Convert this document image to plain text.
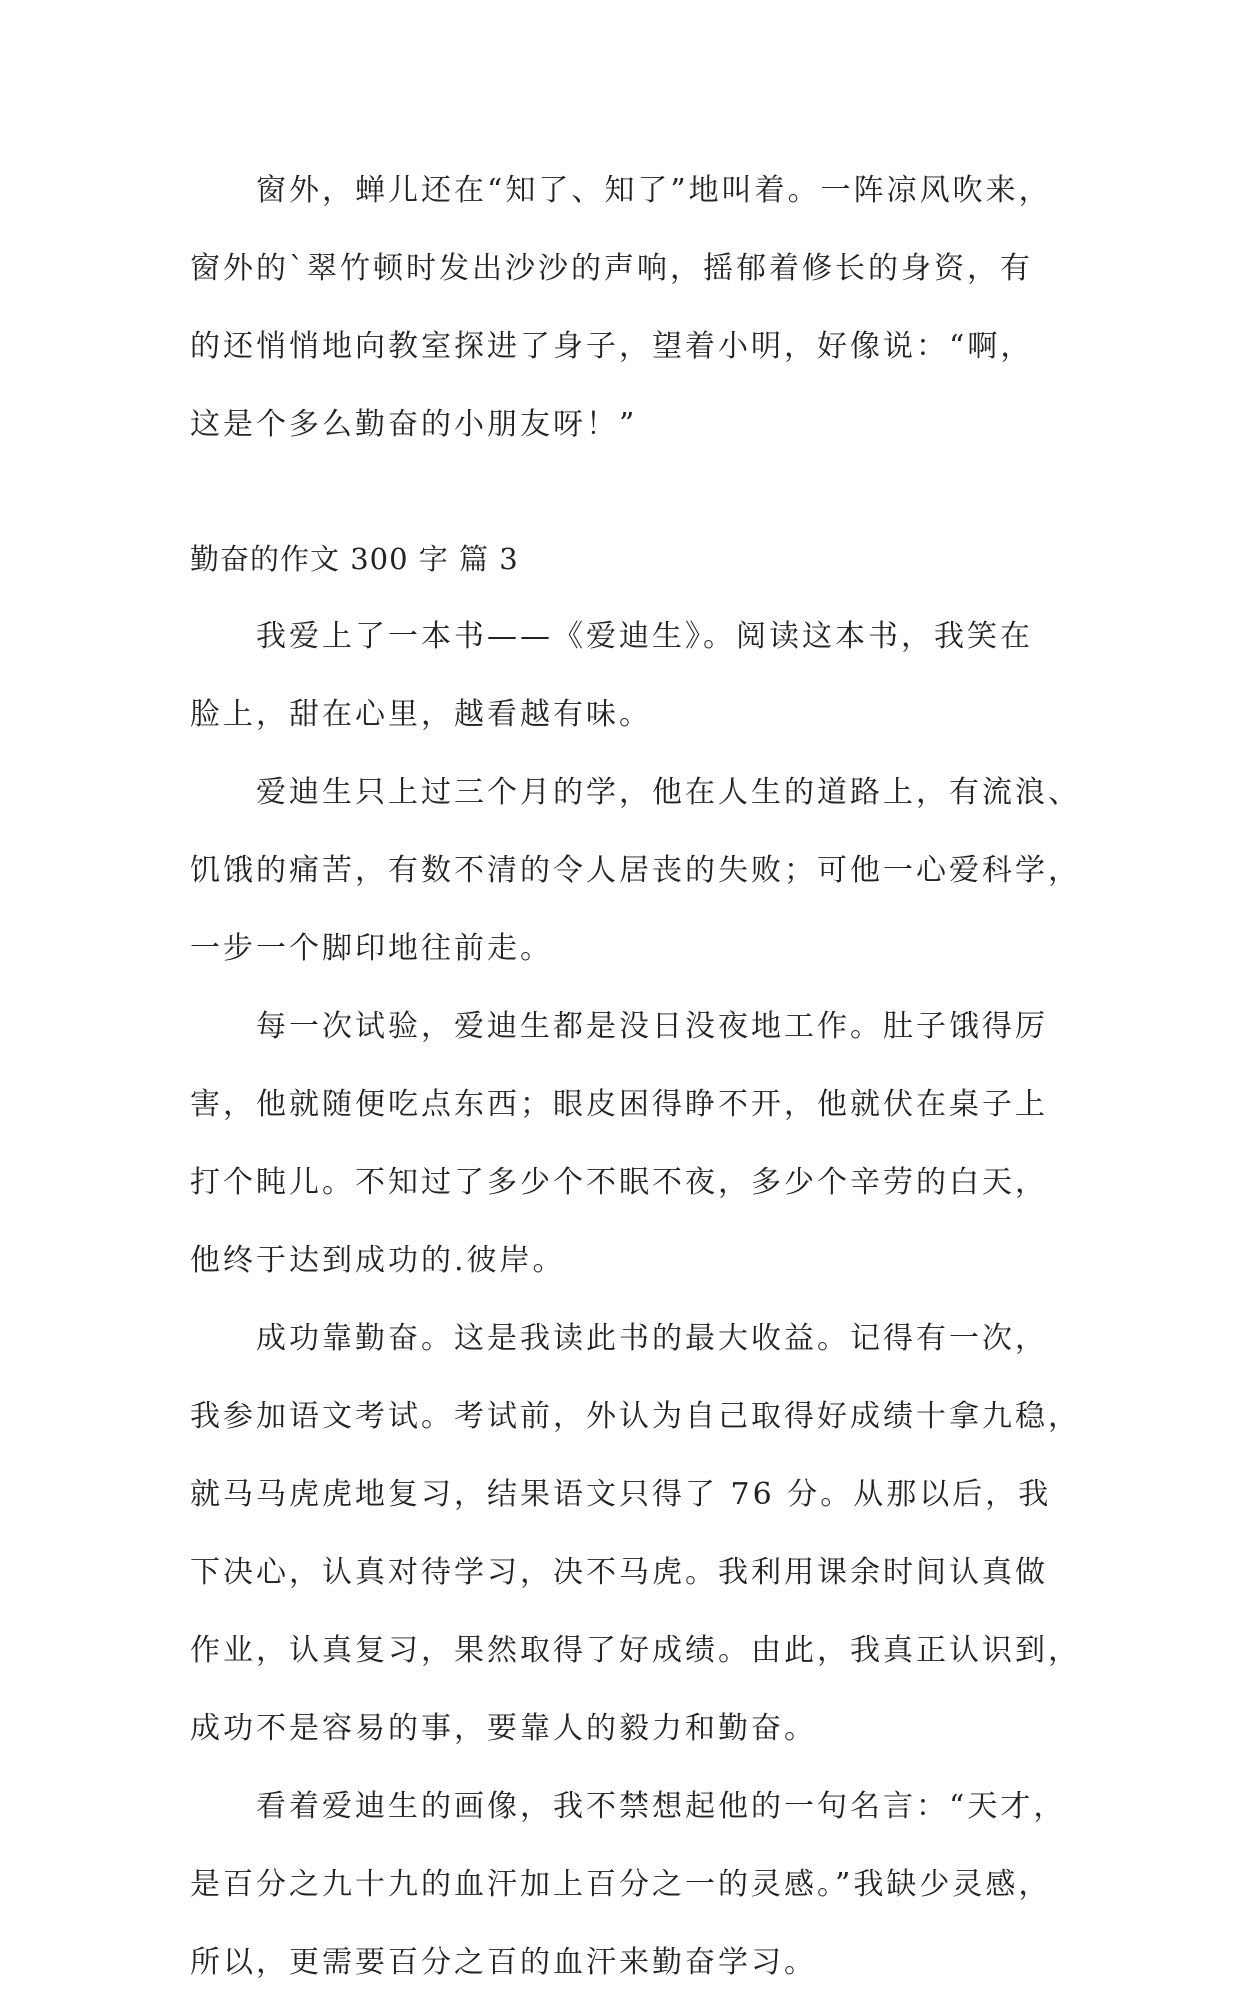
窗外，蝉儿还在“知了、知了”地叫着。一阵凉风吹来，
窗外的`翠竹顿时发出沙沙的声响，摇郁着修长的身资，有
的还悄悄地向教室探进了身子，望着小明，好像说：“啊，
这是个多么勤奋的小朋友呀！”
勤奋的作文 300 字 篇 3
我爱上了一本书——《爱迪生》。阅读这本书，我笑在
脸上，甜在心里，越看越有味。
爱迪生只上过三个月的学，他在人生的道路上，有流浪、
饥饿的痛苦，有数不清的令人居丧的失败；可他一心爱科学，
一步一个脚印地往前走。
每一次试验，爱迪生都是没日没夜地工作。肚子饿得厉
害，他就随便吃点东西；眼皮困得睁不开，他就伏在桌子上
打个盹儿。不知过了多少个不眠不夜，多少个辛劳的白天，
他终于达到成功的.彼岸。
成功靠勤奋。这是我读此书的最大收益。记得有一次，
我参加语文考试。考试前，外认为自己取得好成绩十拿九稳，
就马马虎虎地复习，结果语文只得了 76 分。从那以后，我
下决心，认真对待学习，决不马虎。我利用课余时间认真做
作业，认真复习，果然取得了好成绩。由此，我真正认识到，
成功不是容易的事，要靠人的毅力和勤奋。
看着爱迪生的画像，我不禁想起他的一句名言：“天才，
是百分之九十九的血汗加上百分之一的灵感。”我缺少灵感，
所以，更需要百分之百的血汗来勤奋学习。
